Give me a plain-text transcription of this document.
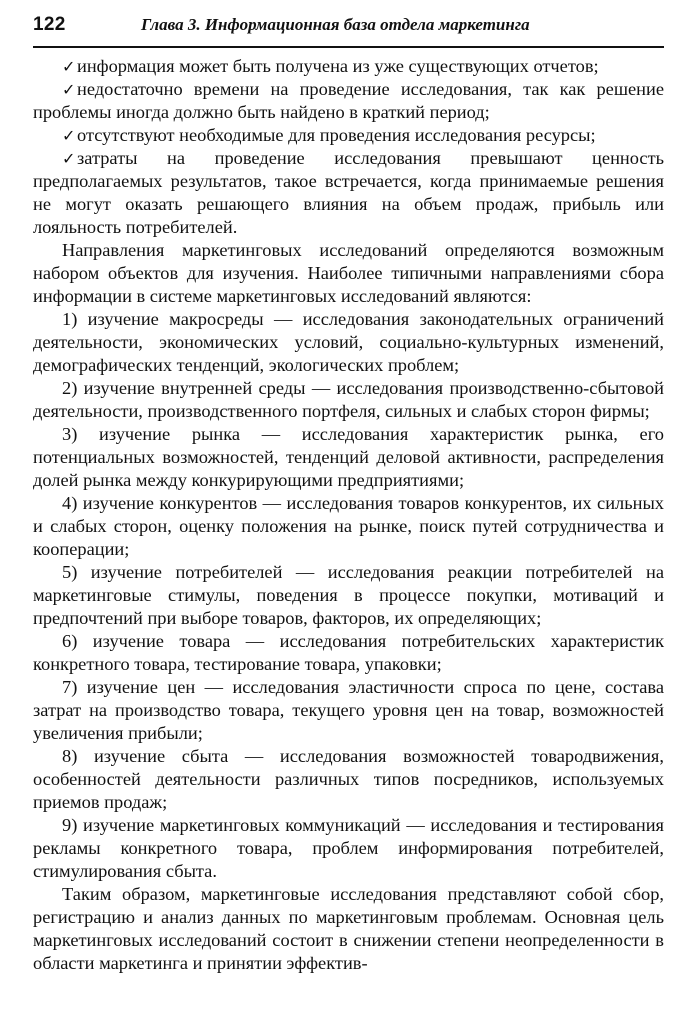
122	Глава 3. Информационная база отдела маркетинга

✓информация может быть получена из уже существующих отчетов;

✓недостаточно времени на проведение исследования, так как решение проблемы иногда должно быть найдено в краткий период;

✓отсутствуют необходимые для проведения исследования ресурсы;

✓затраты на проведение исследования превышают ценность предполагаемых результатов, такое встречается, когда принимаемые решения не могут оказать решающего влияния на объем продаж, прибыль или лояльность потребителей.

Направления маркетинговых исследований определяются возможным набором объектов для изучения. Наиболее типичными направлениями сбора информации в системе маркетинговых исследований являются:

1) изучение макросреды — исследования законодательных ограничений деятельности, экономических условий, социально-культурных изменений, демографических тенденций, экологических проблем;

2) изучение внутренней среды — исследования производственно-сбытовой деятельности, производственного портфеля, сильных и слабых сторон фирмы;

3) изучение рынка — исследования характеристик рынка, его потенциальных возможностей, тенденций деловой активности, распределения долей рынка между конкурирующими предприятиями;

4) изучение конкурентов — исследования товаров конкурентов, их сильных и слабых сторон, оценку положения на рынке, поиск путей сотрудничества и кооперации;

5) изучение потребителей — исследования реакции потребителей на маркетинговые стимулы, поведения в процессе покупки, мотиваций и предпочтений при выборе товаров, факторов, их определяющих;

6) изучение товара — исследования потребительских характеристик конкретного товара, тестирование товара, упаковки;

7) изучение цен — исследования эластичности спроса по цене, состава затрат на производство товара, текущего уровня цен на товар, возможностей увеличения прибыли;

8) изучение сбыта — исследования возможностей товародвижения, особенностей деятельности различных типов посредников, используемых приемов продаж;

9) изучение маркетинговых коммуникаций — исследования и тестирования рекламы конкретного товара, проблем информирования потребителей, стимулирования сбыта.

Таким образом, маркетинговые исследования представляют собой сбор, регистрацию и анализ данных по маркетинговым проблемам. Основная цель маркетинговых исследований состоит в снижении степени неопределенности в области маркетинга и принятии эффектив-
